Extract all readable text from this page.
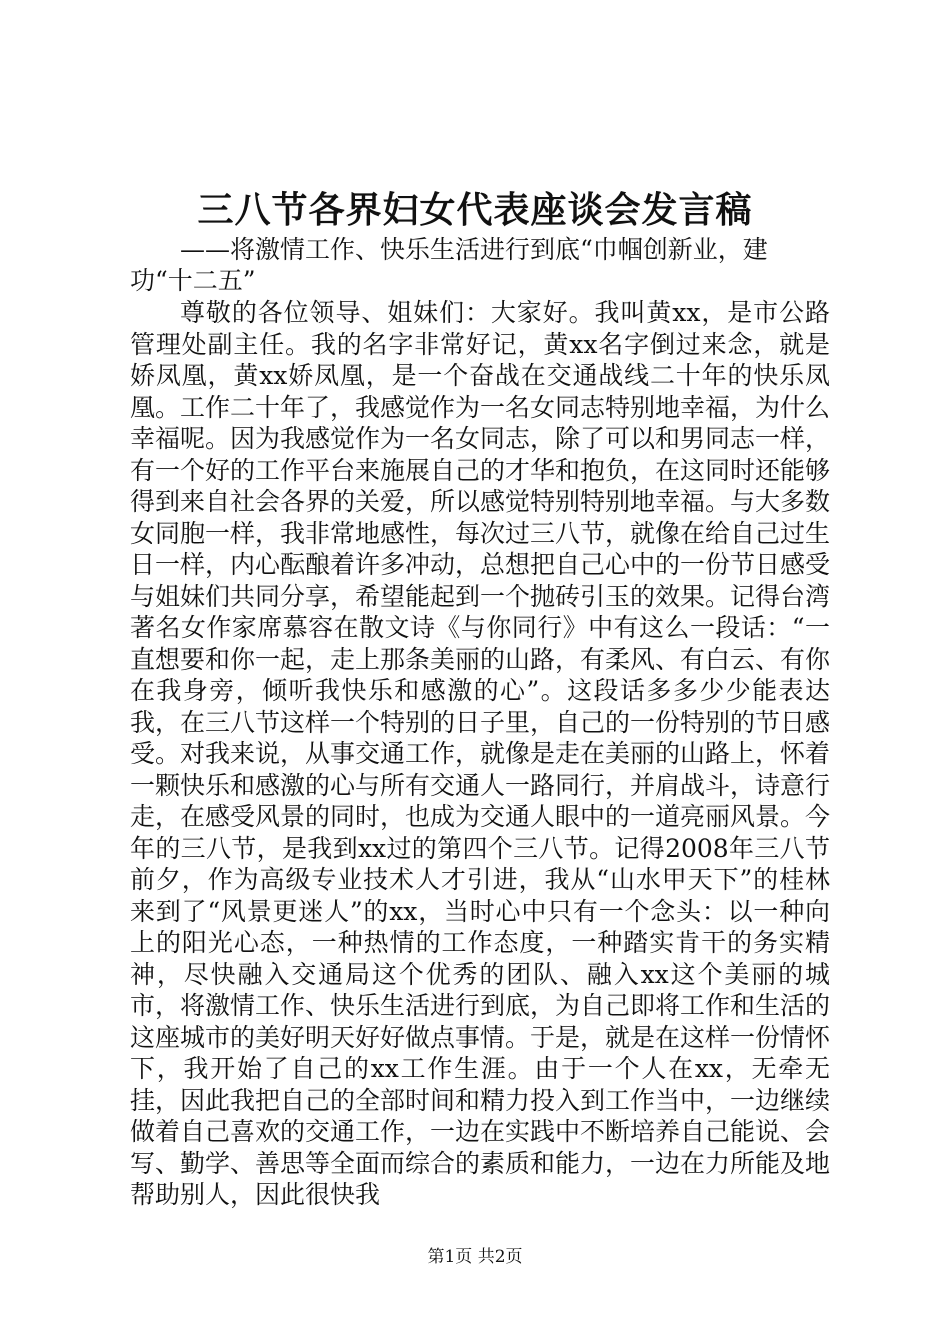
三八节各界妇女代表座谈会发言稿

——将激情工作、快乐生活进行到底“巾帼创新业，建功“十二五”

尊敬的各位领导、姐妹们：大家好。我叫黄xx，是市公路管理处副主任。我的名字非常好记，黄xx名字倒过来念，就是娇凤凰，黄xx娇凤凰，是一个奋战在交通战线二十年的快乐凤凰。工作二十年了，我感觉作为一名女同志特别地幸福，为什么幸福呢。因为我感觉作为一名女同志，除了可以和男同志一样，有一个好的工作平台来施展自己的才华和抱负，在这同时还能够得到来自社会各界的关爱，所以感觉特别特别地幸福。与大多数女同胞一样，我非常地感性，每次过三八节，就像在给自己过生日一样，内心酝酿着许多冲动，总想把自己心中的一份节日感受与姐妹们共同分享，希望能起到一个抛砖引玉的效果。记得台湾著名女作家席慕容在散文诗《与你同行》中有这么一段话：“一直想要和你一起，走上那条美丽的山路，有柔风、有白云、有你在我身旁，倾听我快乐和感激的心”。这段话多多少少能表达我，在三八节这样一个特别的日子里，自己的一份特别的节日感受。对我来说，从事交通工作，就像是走在美丽的山路上，怀着一颗快乐和感激的心与所有交通人一路同行，并肩战斗，诗意行走，在感受风景的同时，也成为交通人眼中的一道亮丽风景。今年的三八节，是我到xx过的第四个三八节。记得2008年三八节前夕，作为高级专业技术人才引进，我从“山水甲天下”的桂林来到了“风景更迷人”的xx，当时心中只有一个念头：以一种向上的阳光心态，一种热情的工作态度，一种踏实肯干的务实精神，尽快融入交通局这个优秀的团队、融入xx这个美丽的城市，将激情工作、快乐生活进行到底，为自己即将工作和生活的这座城市的美好明天好好做点事情。于是，就是在这样一份情怀下，我开始了自己的xx工作生涯。由于一个人在xx，无牵无挂，因此我把自己的全部时间和精力投入到工作当中，一边继续做着自己喜欢的交通工作，一边在实践中不断培养自己能说、会写、勤学、善思等全面而综合的素质和能力，一边在力所能及地帮助别人，因此很快我

第1页 共2页
